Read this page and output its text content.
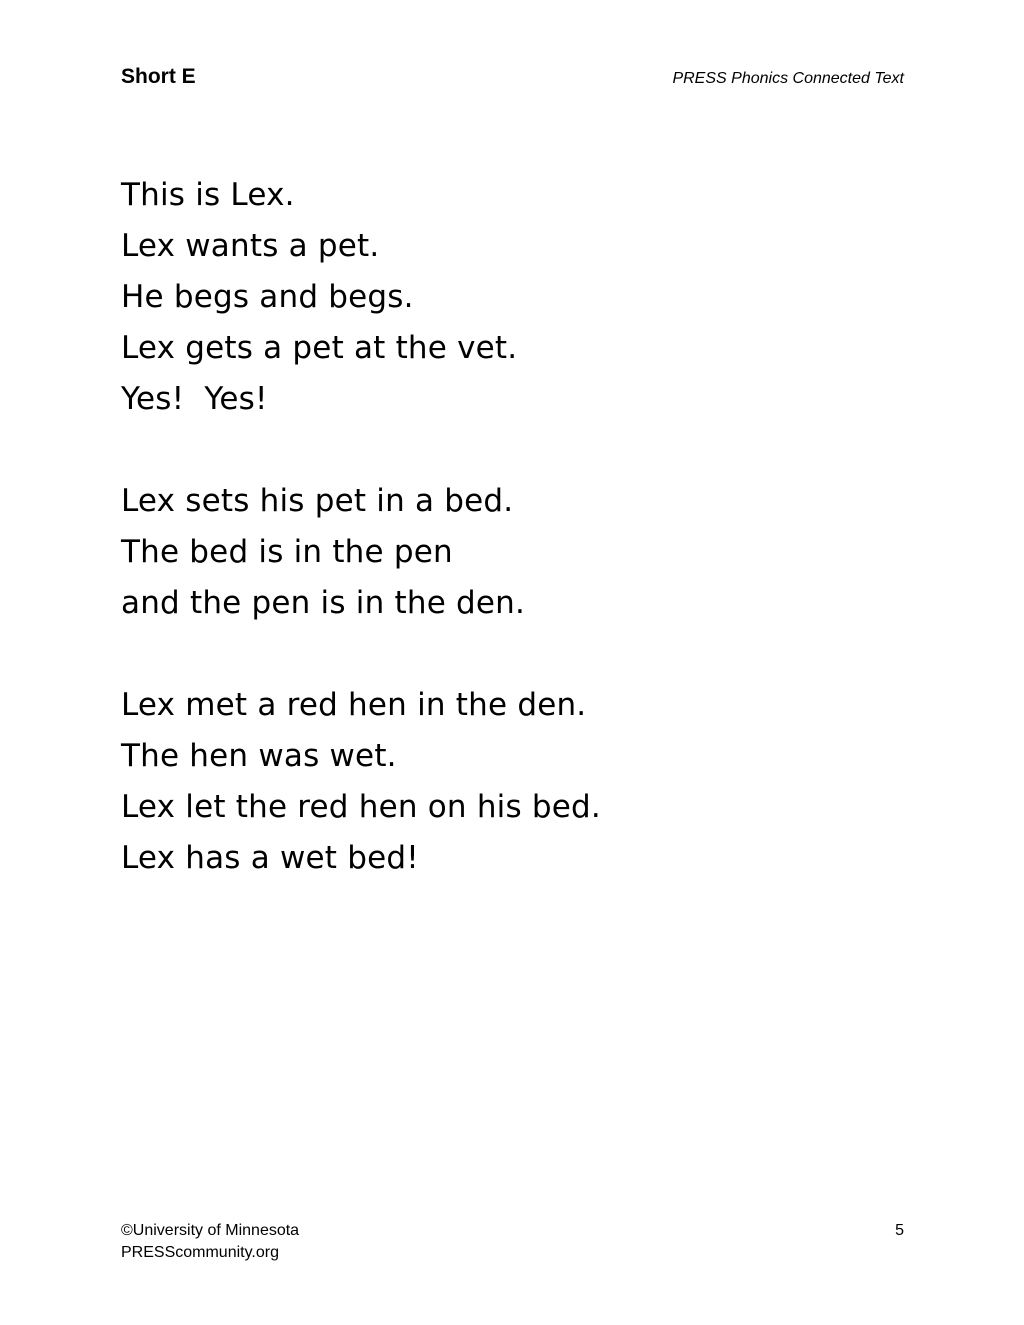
Short E	PRESS Phonics Connected Text
This is Lex.
Lex wants a pet.
He begs and begs.
Lex gets a pet at the vet.
Yes!  Yes!
Lex sets his pet in a bed.
The bed is in the pen
and the pen is in the den.
Lex met a red hen in the den.
The hen was wet.
Lex let the red hen on his bed.
Lex has a wet bed!
©University of Minnesota
PRESScommunity.org
5
